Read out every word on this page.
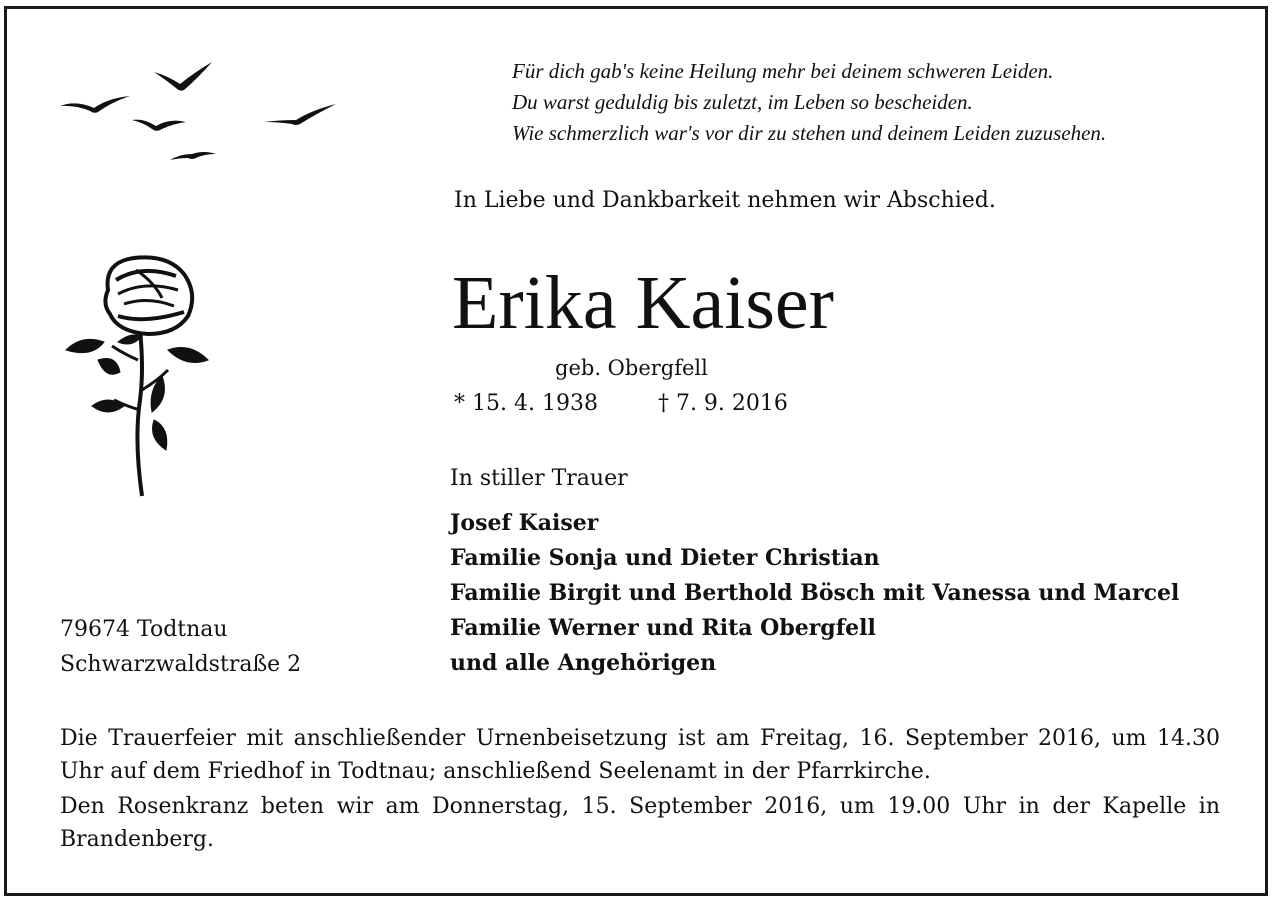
Für dich gab's keine Heilung mehr bei deinem schweren Leiden.
Du warst geduldig bis zuletzt, im Leben so bescheiden.
Wie schmerzlich war's vor dir zu stehen und deinem Leiden zuzusehen.
In Liebe und Dankbarkeit nehmen wir Abschied.
Erika Kaiser
geb. Obergfell
* 15. 4. 1938	† 7. 9. 2016
In stiller Trauer
Josef Kaiser
Familie Sonja und Dieter Christian
Familie Birgit und Berthold Bösch mit Vanessa und Marcel
Familie Werner und Rita Obergfell
und alle Angehörigen
79674 Todtnau
Schwarzwaldstraße 2

Die Trauerfeier mit anschließender Urnenbeisetzung ist am Freitag, 16. September 2016, um 14.30 Uhr auf dem Friedhof in Todtnau; anschließend Seelenamt in der Pfarrkirche.

Den Rosenkranz beten wir am Donnerstag, 15. September 2016, um 19.00 Uhr in der Kapelle in Brandenberg.
